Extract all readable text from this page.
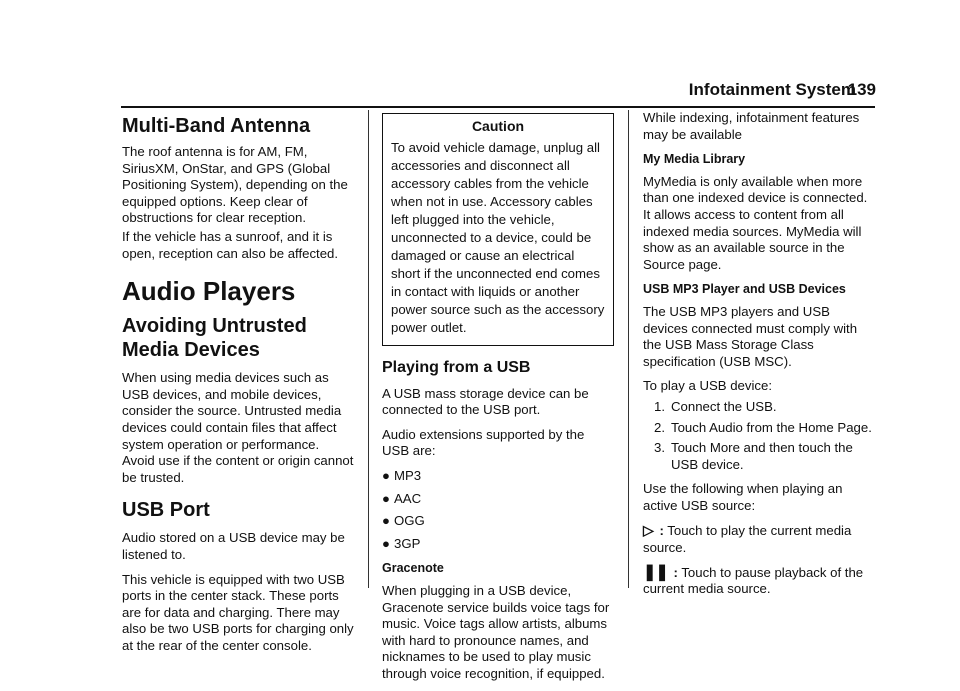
Infotainment System
139
Multi-Band Antenna

The roof antenna is for AM, FM, SiriusXM, OnStar, and GPS (Global Positioning System), depending on the equipped options. Keep clear of obstructions for clear reception.

If the vehicle has a sunroof, and it is open, reception can also be affected.

Audio Players
Avoiding Untrusted Media Devices

When using media devices such as USB devices, and mobile devices, consider the source. Untrusted media devices could contain files that affect system operation or performance. Avoid use if the content or origin cannot be trusted.

USB Port

Audio stored on a USB device may be listened to.

This vehicle is equipped with two USB ports in the center stack. These ports are for data and charging. There may also be two USB ports for charging only at the rear of the center console.

Caution
To avoid vehicle damage, unplug all accessories and disconnect all accessory cables from the vehicle when not in use. Accessory cables left plugged into the vehicle, unconnected to a device, could be damaged or cause an electrical short if the unconnected end comes in contact with liquids or another power source such as the accessory power outlet.
Playing from a USB

A USB mass storage device can be connected to the USB port.

Audio extensions supported by the USB are:

● MP3
● AAC
● OGG
● 3GP
Gracenote

When plugging in a USB device, Gracenote service builds voice tags for music. Voice tags allow artists, albums with hard to pronounce names, and nicknames to be used to play music through voice recognition, if equipped.

While indexing, infotainment features may be available

My Media Library

MyMedia is only available when more than one indexed device is connected. It allows access to content from all indexed media sources. MyMedia will show as an available source in the Source page.

USB MP3 Player and USB Devices

The USB MP3 players and USB devices connected must comply with the USB Mass Storage Class specification (USB MSC).

To play a USB device:

1. Connect the USB.
2. Touch Audio from the Home Page.
3. Touch More and then touch the USB device.

Use the following when playing an active USB source:

▷ : Touch to play the current media source.

❚❚ : Touch to pause playback of the current media source.
